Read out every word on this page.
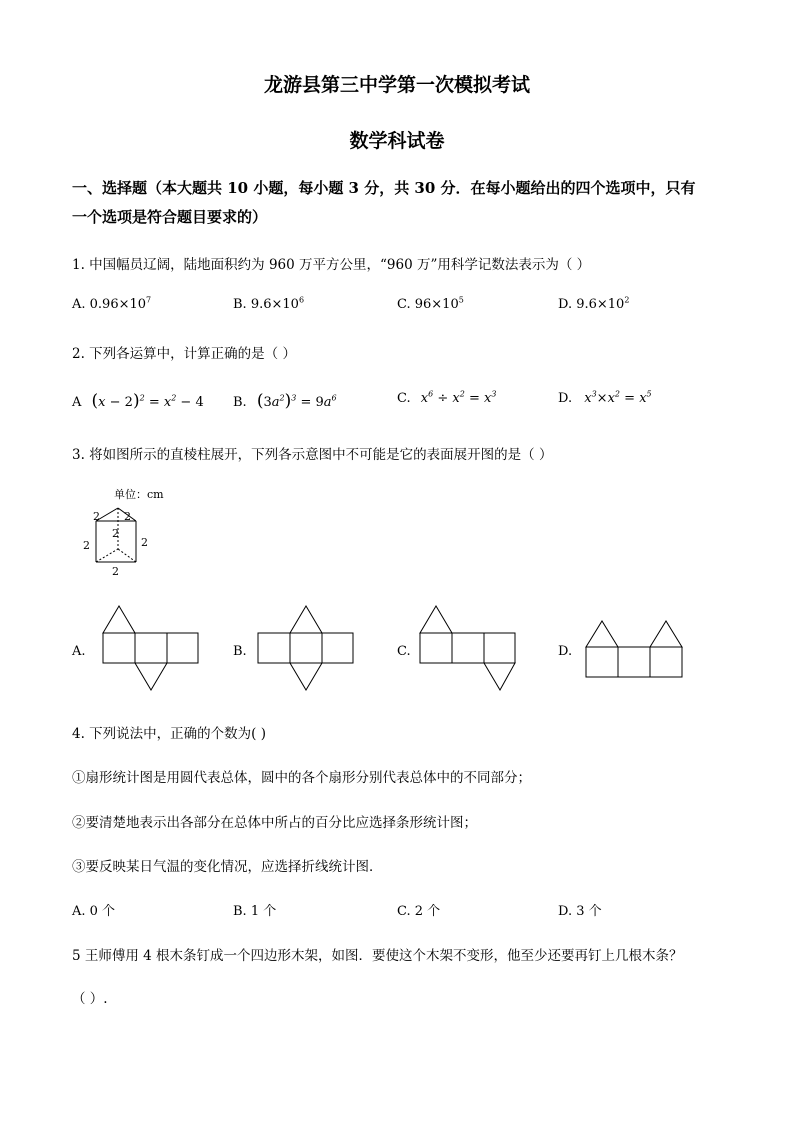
龙游县第三中学第一次模拟考试
数学科试卷
一、选择题（本大题共 10 小题，每小题 3 分，共 30 分．在每小题给出的四个选项中，只有
一个选项是符合题目要求的）
1. 中国幅员辽阔，陆地面积约为 960 万平方公里，“960 万”用科学记数法表示为（ ）
A. $0.96\times 10^7$	B. $9.6\times 10^6$	C. $96\times 10^5$	D. $9.6\times 10^2$
2. 下列各运算中，计算正确的是（ ）
A $(x - 2)^2 = x^2 - 4$ B. $(3a^2)^3 = 9a^6$	C. $x^6 \div x^2 = x^3$	D. $x^3\times x^2 = x^5$
3. 将如图所示的直棱柱展开，下列各示意图中不可能是它的表面展开图的是（ ）
单位：cm
2 2
2
2
2
2
A.	B.	C.	D.
4. 下列说法中，正确的个数为( )
①扇形统计图是用圆代表总体，圆中的各个扇形分别代表总体中的不同部分；
②要清楚地表示出各部分在总体中所占的百分比应选择条形统计图；
③要反映某日气温的变化情况，应选择折线统计图．
A. 0 个	B. 1 个	C. 2 个	D. 3 个
5 王师傅用 4 根木条钉成一个四边形木架，如图．要使这个木架不变形，他至少还要再钉上几根木条？
（ ）.
